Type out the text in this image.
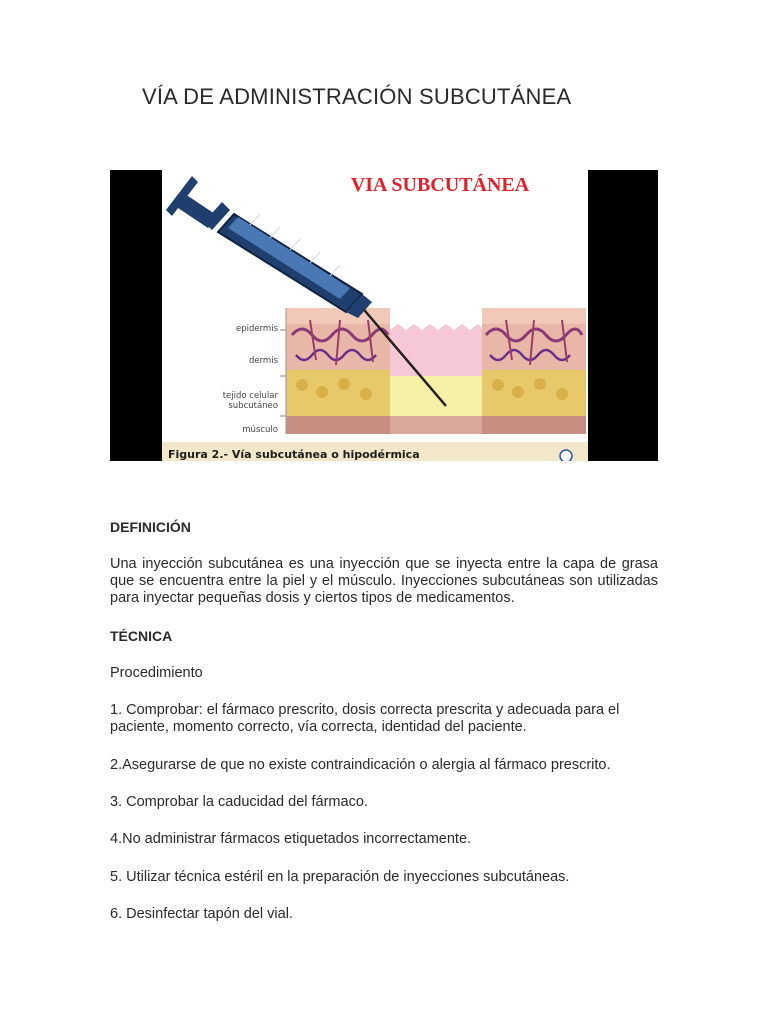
VÍA DE ADMINISTRACIÓN SUBCUTÁNEA
VIA SUBCUTÁNEA
epidermis
dermis
tejido celular
subcutáneo
músculo
Figura 2.- Vía subcutánea o hipodérmica
DEFINICIÓN

Una inyección subcutánea es una inyección que se inyecta entre la capa de grasa que se encuentra entre la piel y el músculo. Inyecciones subcutáneas son utilizadas para inyectar pequeñas dosis y ciertos tipos de medicamentos.

TÉCNICA

Procedimiento

1. Comprobar: el fármaco prescrito, dosis correcta prescrita y adecuada para el paciente, momento correcto, vía correcta, identidad del paciente.

2.Asegurarse de que no existe contraindicación o alergia al fármaco prescrito.

3. Comprobar la caducidad del fármaco.

4.No administrar fármacos etiquetados incorrectamente.

5. Utilizar técnica estéril en la preparación de inyecciones subcutáneas.

6. Desinfectar tapón del vial.
